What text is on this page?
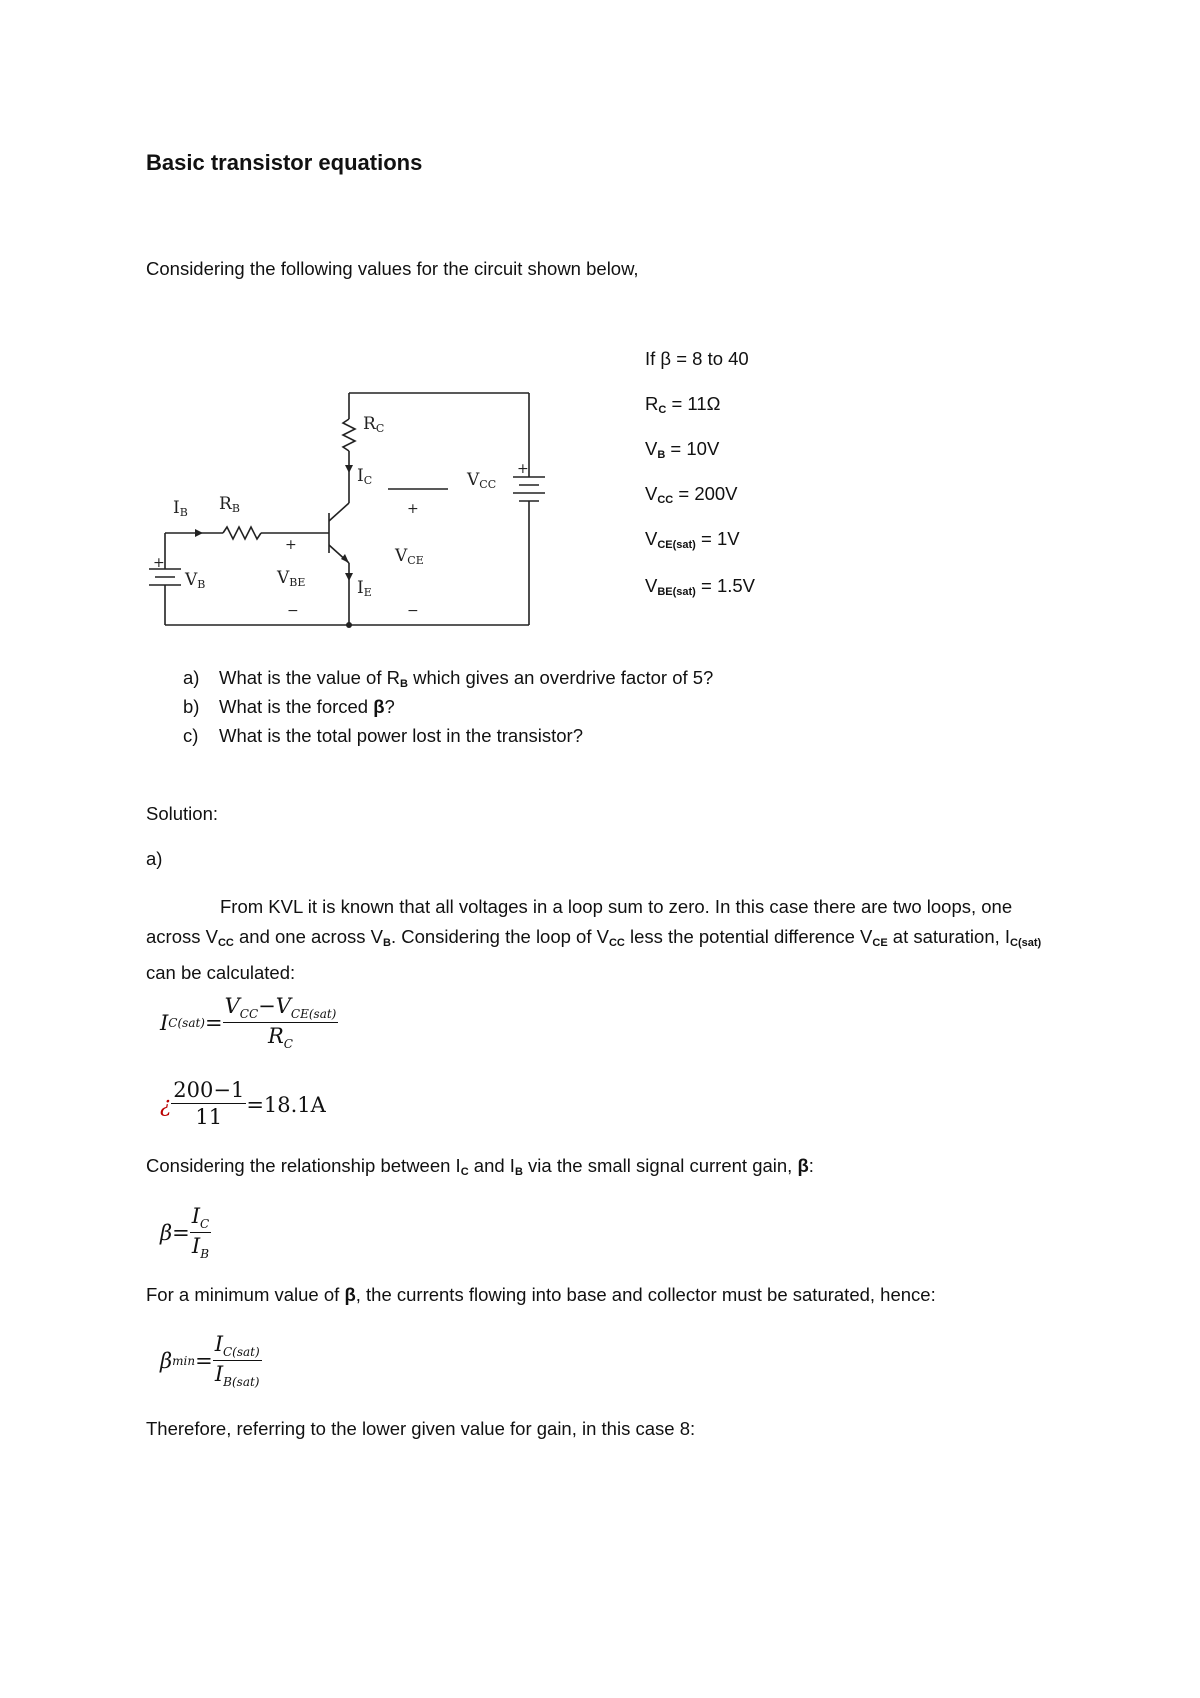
Basic transistor equations
Considering the following values for the circuit shown below,
IB RB
RC
IC
IE
VB	VBE
VCE
VCC
+
+
−
+
−
+
If β = 8 to 40
$R_C = 11\Omega$
$V_B = 10V$
$V_{CC} = 200V$
$V_{CE(sat)} = 1V$
$V_{BE(sat)} = 1.5V$
a) What is the value of $R_B$ which gives an overdrive factor of 5?
b) What is the forced β?
c) What is the total power lost in the transistor?
Solution:
a)
From KVL it is known that all voltages in a loop sum to zero. In this case there are two loops, one across $V_{CC}$ and one across $V_B$. Considering the loop of $V_{CC}$ less the potential difference $V_{CE}$ at saturation, $I_{C(sat)}$ can be calculated:
I $C(sat) = \frac{V_{CC}-V_{CE(sat)}}{R_C}$
¿ $\frac{200-1}{11} =18.1A$
Considering the relationship between $I_C$ and $I_B$ via the small signal current gain, β:
$\beta = \frac{I_C}{I_B}$
For a minimum value of β, the currents flowing into base and collector must be saturated, hence:
β $\min = \frac{I_{C(sat)}}{I_{B(sat)}}$
Therefore, referring to the lower given value for gain, in this case 8:
